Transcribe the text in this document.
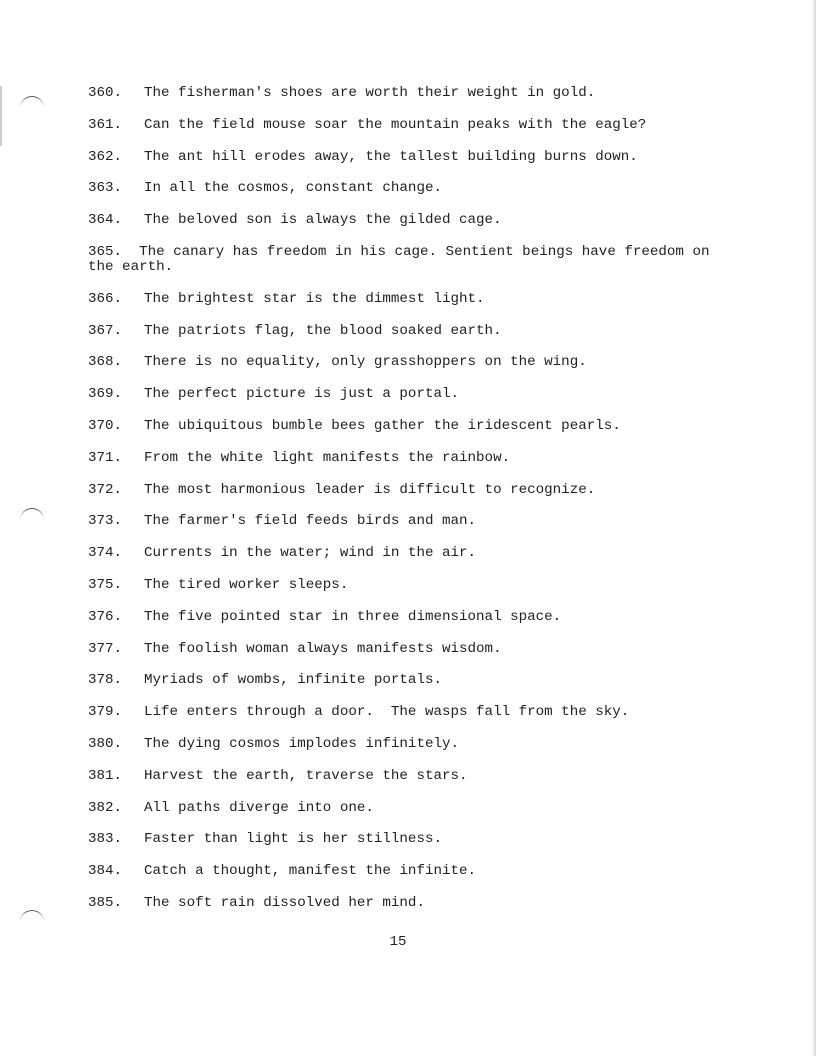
360. The fisherman's shoes are worth their weight in gold.
361. Can the field mouse soar the mountain peaks with the eagle?
362. The ant hill erodes away, the tallest building burns down.
363. In all the cosmos, constant change.
364. The beloved son is always the gilded cage.
365. The canary has freedom in his cage. Sentient beings have freedom on the earth.
366. The brightest star is the dimmest light.
367. The patriots flag, the blood soaked earth.
368. There is no equality, only grasshoppers on the wing.
369. The perfect picture is just a portal.
370. The ubiquitous bumble bees gather the iridescent pearls.
371. From the white light manifests the rainbow.
372. The most harmonious leader is difficult to recognize.
373. The farmer's field feeds birds and man.
374. Currents in the water; wind in the air.
375. The tired worker sleeps.
376. The five pointed star in three dimensional space.
377. The foolish woman always manifests wisdom.
378. Myriads of wombs, infinite portals.
379. Life enters through a door.  The wasps fall from the sky.
380. The dying cosmos implodes infinitely.
381. Harvest the earth, traverse the stars.
382. All paths diverge into one.
383. Faster than light is her stillness.
384. Catch a thought, manifest the infinite.
385. The soft rain dissolved her mind.
15
